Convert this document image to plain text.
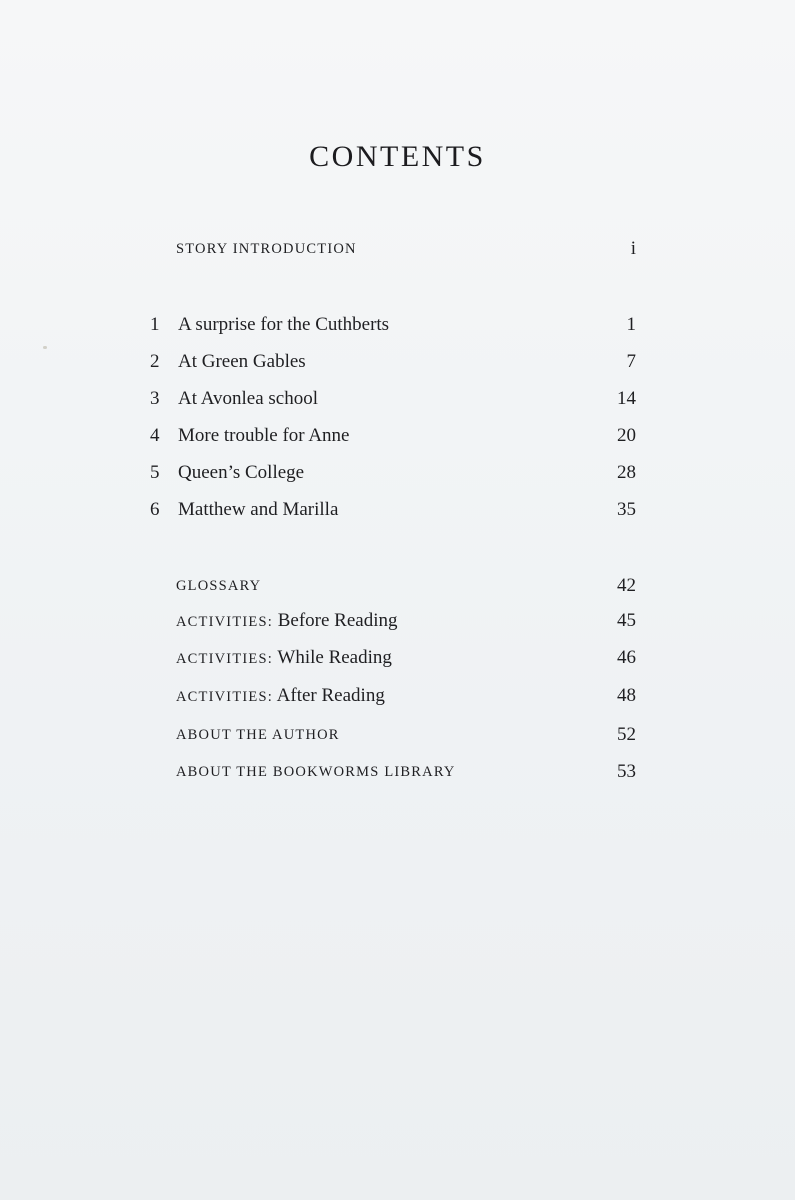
CONTENTS
STORY INTRODUCTION	i
1 A surprise for the Cuthberts	1
2 At Green Gables	7
3 At Avonlea school	14
4 More trouble for Anne	20
5 Queen’s College	28
6 Matthew and Marilla	35
GLOSSARY	42
ACTIVITIES: Before Reading	45
ACTIVITIES: While Reading	46
ACTIVITIES: After Reading	48
ABOUT THE AUTHOR	52
ABOUT THE BOOKWORMS LIBRARY	53
